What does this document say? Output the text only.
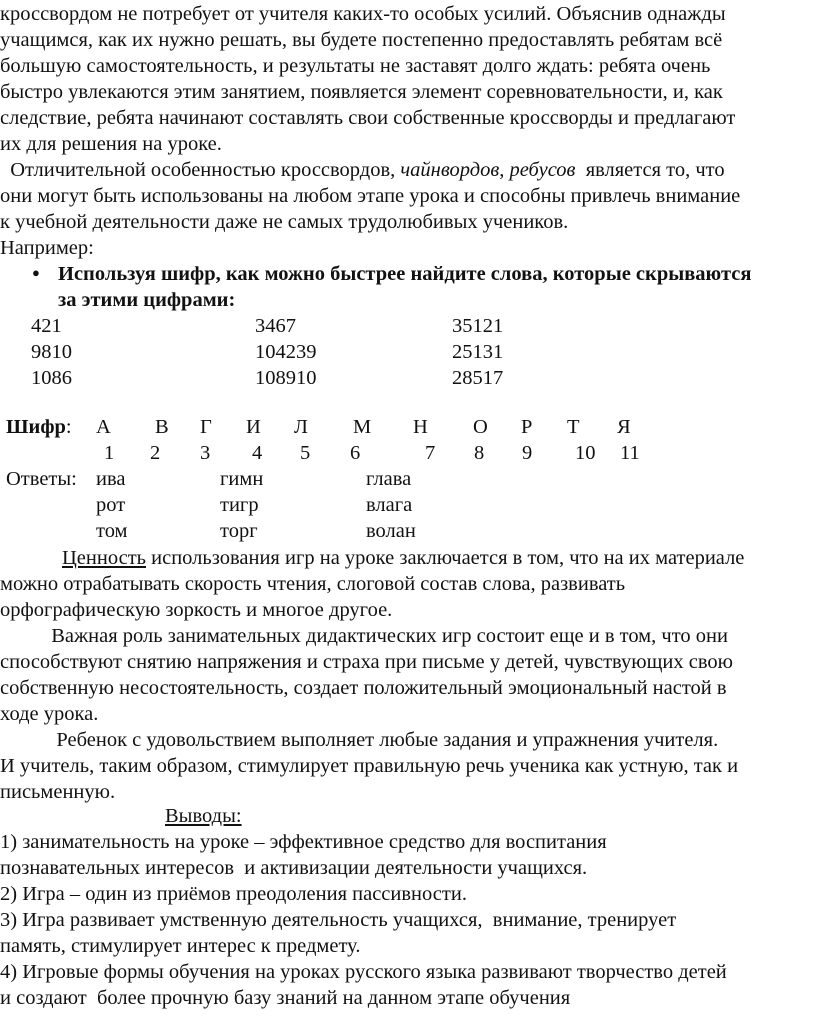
кроссвордом не потребует от учителя каких-то особых усилий. Объяснив однажды
учащимся, как их нужно решать, вы будете постепенно предоставлять ребятам всё
большую самостоятельность, и результаты не заставят долго ждать: ребята очень
быстро увлекаются этим занятием, появляется элемент соревновательности, и, как
следствие, ребята начинают составлять свои собственные кроссворды и предлагают
их для решения на уроке.
Отличительной особенностью кроссвордов, чайнвордов, ребусов  является то, что
они могут быть использованы на любом этапе урока и способны привлечь внимание
к учебной деятельности даже не самых трудолюбивых учеников.
Например:
● Используя шифр, как можно быстрее найдите слова, которые скрываются
за этими цифрами:
421	3467	35121
9810	104239	25131
1086	108910	28517
Шифр: А В Г И Л М Н О Р Т Я
1 2 3 4 5 6	7 8 9 10 11
Ответы: ива	гимн	глава
рот	тигр	влага
том	торг	волан
Ценность использования игр на уроке заключается в том, что на их материале
можно отрабатывать скорость чтения, слоговой состав слова, развивать
орфографическую зоркость и многое другое.
Важная роль занимательных дидактических игр состоит еще и в том, что они
способствуют снятию напряжения и страха при письме у детей, чувствующих свою
собственную несостоятельность, создает положительный эмоциональный настой в
ходе урока.
Ребенок с удовольствием выполняет любые задания и упражнения учителя.
И учитель, таким образом, стимулирует правильную речь ученика как устную, так и
письменную.
Выводы:
1) занимательность на уроке – эффективное средство для воспитания
познавательных интересов  и активизации деятельности учащихся.
2) Игра – один из приёмов преодоления пассивности.
3) Игра развивает умственную деятельность учащихся,  внимание, тренирует
память, стимулирует интерес к предмету.
4) Игровые формы обучения на уроках русского языка развивают творчество детей
и создают  более прочную базу знаний на данном этапе обучения
